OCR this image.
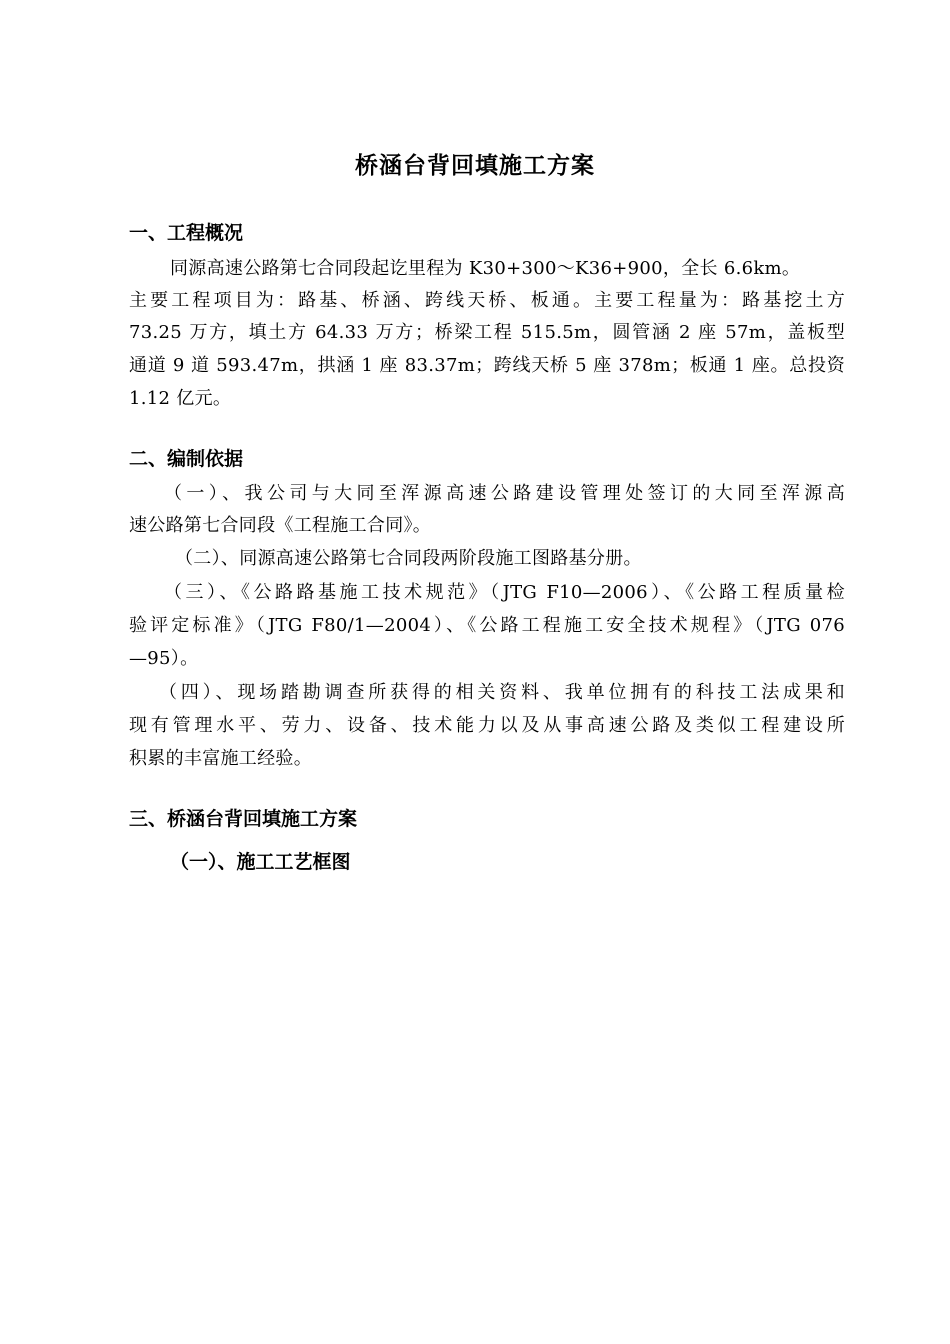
桥涵台背回填施工方案
一、工程概况
同源高速公路第七合同段起讫里程为 K30+300～K36+900，全长 6.6km。
主要工程项目为：路基、桥涵、跨线天桥、板通。主要工程量为：路基挖土方
73.25 万方，填土方 64.33 万方；桥梁工程 515.5m，圆管涵 2 座 57m，盖板型
通道 9 道 593.47m，拱涵 1 座 83.37m；跨线天桥 5 座 378m；板通 1 座。总投资
1.12 亿元。
二、编制依据
（一）、我公司与大同至浑源高速公路建设管理处签订的大同至浑源高
速公路第七合同段《工程施工合同》。
（二）、同源高速公路第七合同段两阶段施工图路基分册。
（三）、《公路路基施工技术规范》（JTG F10—2006）、《公路工程质量检
验评定标准》（JTG F80/1—2004）、《公路工程施工安全技术规程》（JTG 076
—95）。
（四）、现场踏勘调查所获得的相关资料、我单位拥有的科技工法成果和
现有管理水平、劳力、设备、技术能力以及从事高速公路及类似工程建设所
积累的丰富施工经验。
三、桥涵台背回填施工方案
（一）、施工工艺框图
